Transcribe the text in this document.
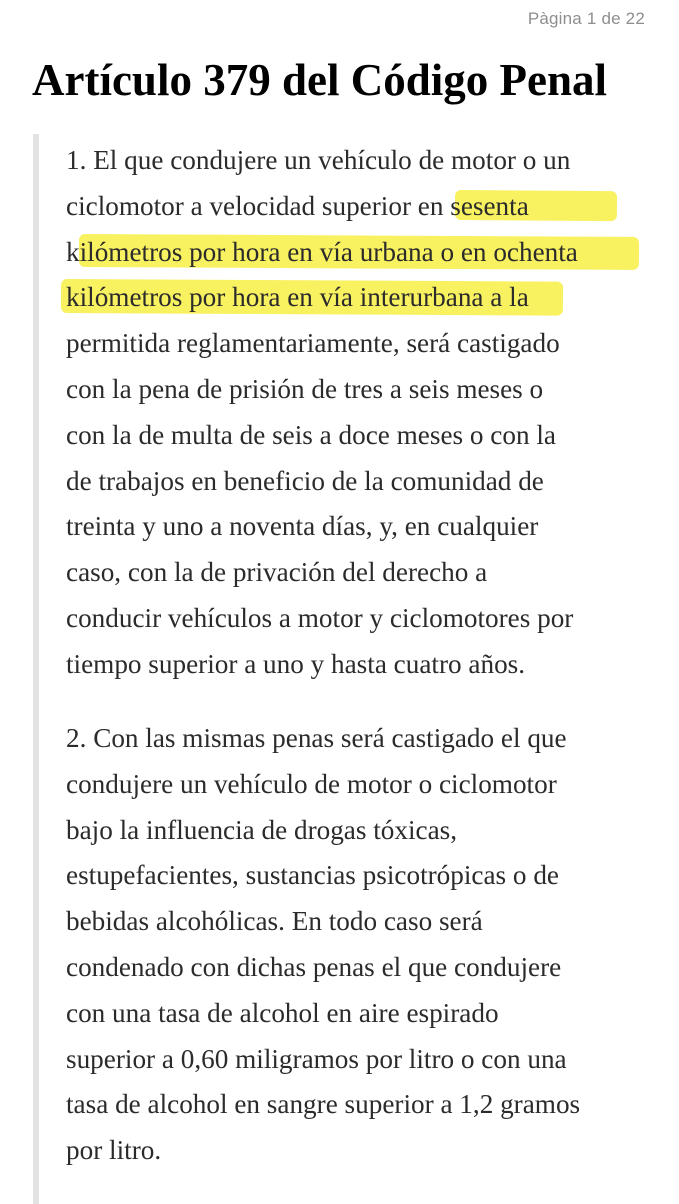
Pàgina 1 de 22
Artículo 379 del Código Penal
1. El que condujere un vehículo de motor o un
ciclomotor a velocidad superior en sesenta
kilómetros por hora en vía urbana o en ochenta
kilómetros por hora en vía interurbana a la
permitida reglamentariamente, será castigado
con la pena de prisión de tres a seis meses o
con la de multa de seis a doce meses o con la
de trabajos en beneficio de la comunidad de
treinta y uno a noventa días, y, en cualquier
caso, con la de privación del derecho a
conducir vehículos a motor y ciclomotores por
tiempo superior a uno y hasta cuatro años.
2. Con las mismas penas será castigado el que
condujere un vehículo de motor o ciclomotor
bajo la influencia de drogas tóxicas,
estupefacientes, sustancias psicotrópicas o de
bebidas alcohólicas. En todo caso será
condenado con dichas penas el que condujere
con una tasa de alcohol en aire espirado
superior a 0,60 miligramos por litro o con una
tasa de alcohol en sangre superior a 1,2 gramos
por litro.
